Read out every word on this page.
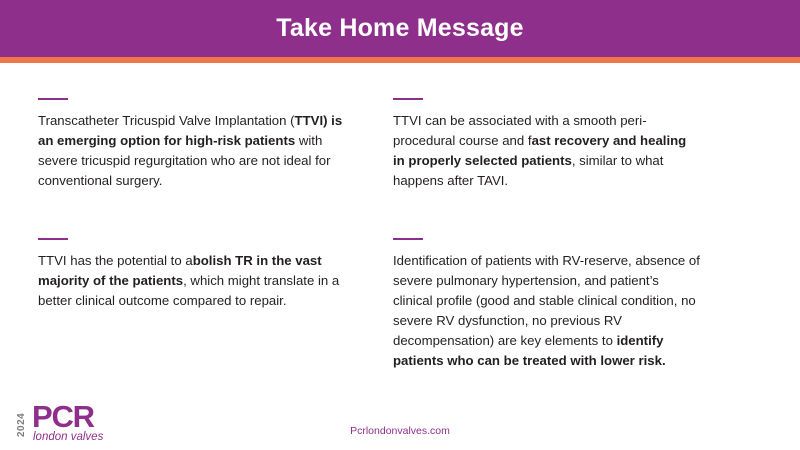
Take Home Message
Transcatheter Tricuspid Valve Implantation (TTVI) is an emerging option for high-risk patients with severe tricuspid regurgitation who are not ideal for conventional surgery.
TTVI can be associated with a smooth peri-procedural course and fast recovery and healing in properly selected patients, similar to what happens after TAVI.
TTVI has the potential to abolish TR in the vast majority of the patients, which might translate in a better clinical outcome compared to repair.
Identification of patients with RV-reserve, absence of severe pulmonary hypertension, and patient’s clinical profile (good and stable clinical condition, no severe RV dysfunction, no previous RV decompensation) are key elements to identify patients who can be treated with lower risk.
2024 PCR
london valves	Pcrlondonvalves.com
